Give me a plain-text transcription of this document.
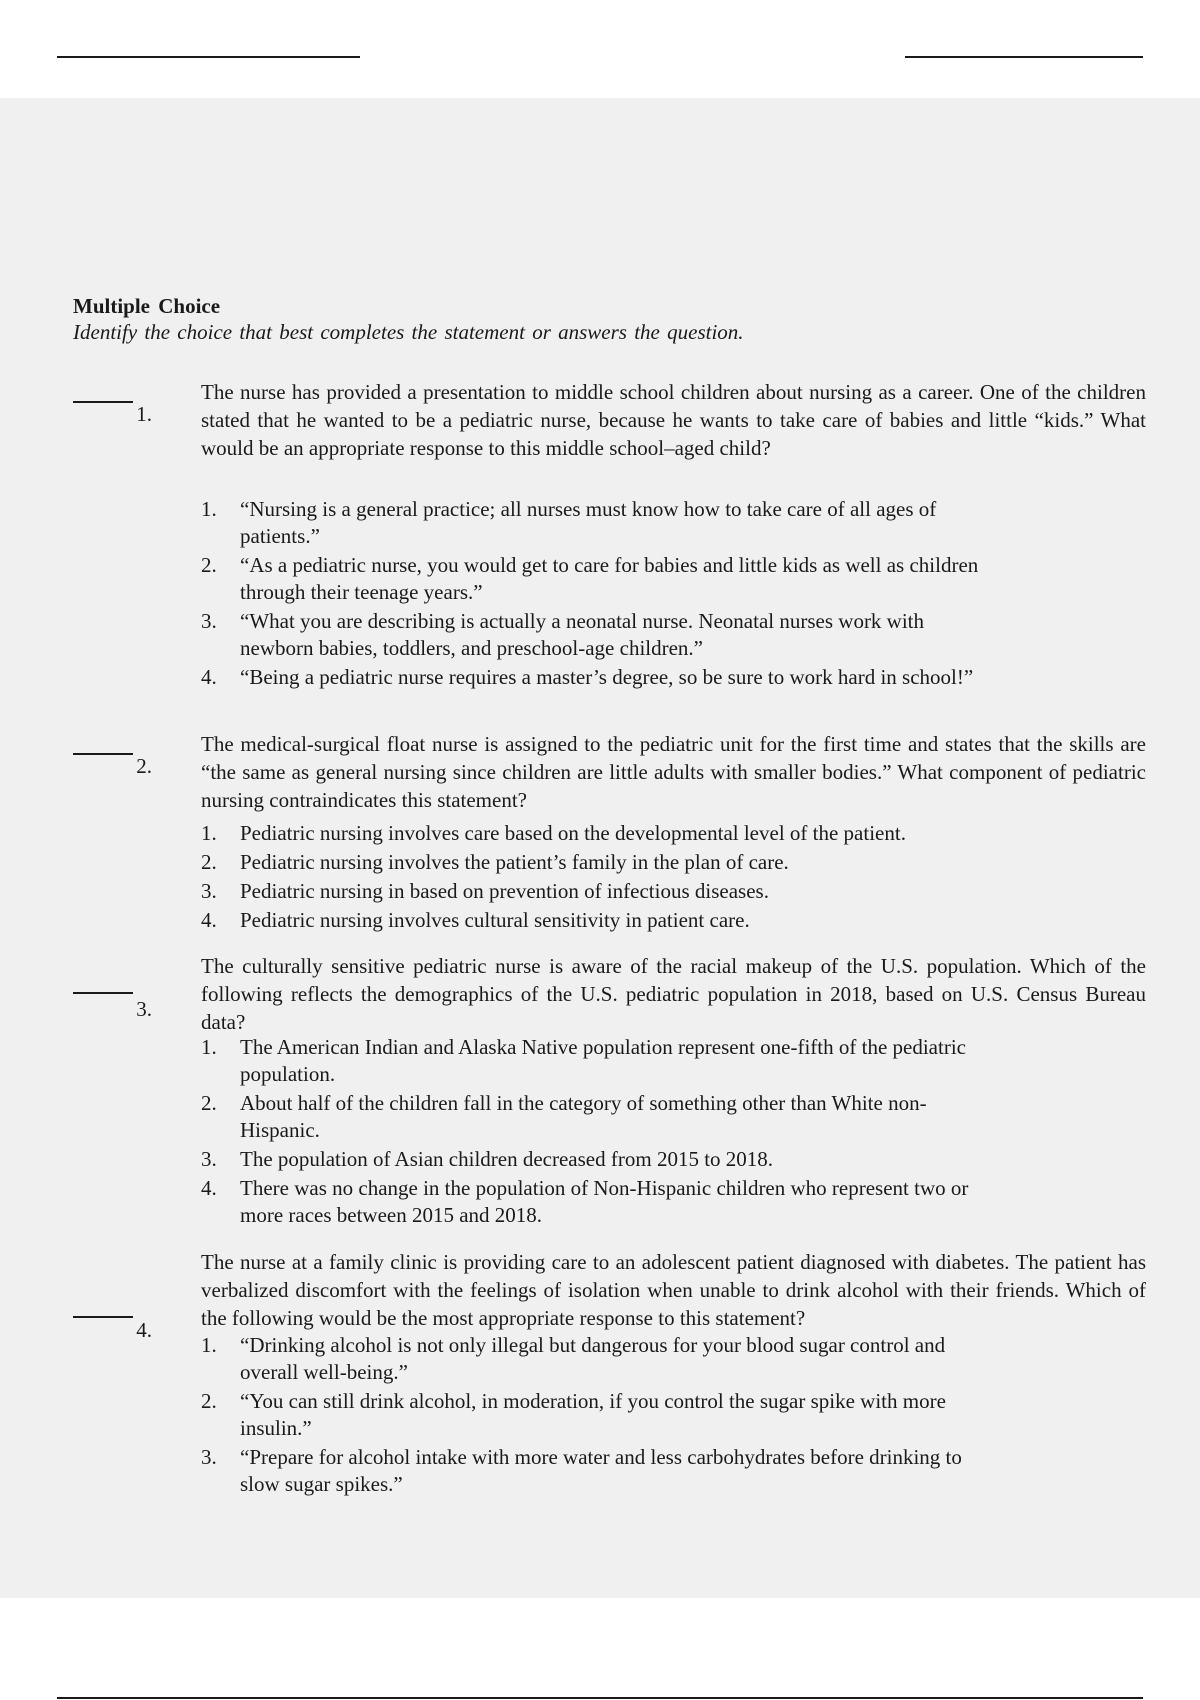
Multiple Choice
Identify the choice that best completes the statement or answers the question.
1.
The nurse has provided a presentation to middle school children about nursing as a career. One of the children stated that he wanted to be a pediatric nurse, because he wants to take care of babies and little “kids.” What would be an appropriate response to this middle school–aged child?
1. “Nursing is a general practice; all nurses must know how to take care of all ages of patients.”
2. “As a pediatric nurse, you would get to care for babies and little kids as well as children through their teenage years.”
3. “What you are describing is actually a neonatal nurse. Neonatal nurses work with newborn babies, toddlers, and preschool-age children.”
4. “Being a pediatric nurse requires a master’s degree, so be sure to work hard in school!”
2.
The medical-surgical float nurse is assigned to the pediatric unit for the first time and states that the skills are “the same as general nursing since children are little adults with smaller bodies.” What component of pediatric nursing contraindicates this statement?
1. Pediatric nursing involves care based on the developmental level of the patient.
2. Pediatric nursing involves the patient’s family in the plan of care.
3. Pediatric nursing in based on prevention of infectious diseases.
4. Pediatric nursing involves cultural sensitivity in patient care.
3.
The culturally sensitive pediatric nurse is aware of the racial makeup of the U.S. population. Which of the following reflects the demographics of the U.S. pediatric population in 2018, based on U.S. Census Bureau data?
1. The American Indian and Alaska Native population represent one-fifth of the pediatric population.
2. About half of the children fall in the category of something other than White non- Hispanic.
3. The population of Asian children decreased from 2015 to 2018.
4. There was no change in the population of Non-Hispanic children who represent two or more races between 2015 and 2018.
4.
The nurse at a family clinic is providing care to an adolescent patient diagnosed with diabetes. The patient has verbalized discomfort with the feelings of isolation when unable to drink alcohol with their friends. Which of the following would be the most appropriate response to this statement?
1. “Drinking alcohol is not only illegal but dangerous for your blood sugar control and overall well-being.”
2. “You can still drink alcohol, in moderation, if you control the sugar spike with more insulin.”
3. “Prepare for alcohol intake with more water and less carbohydrates before drinking to slow sugar spikes.”
